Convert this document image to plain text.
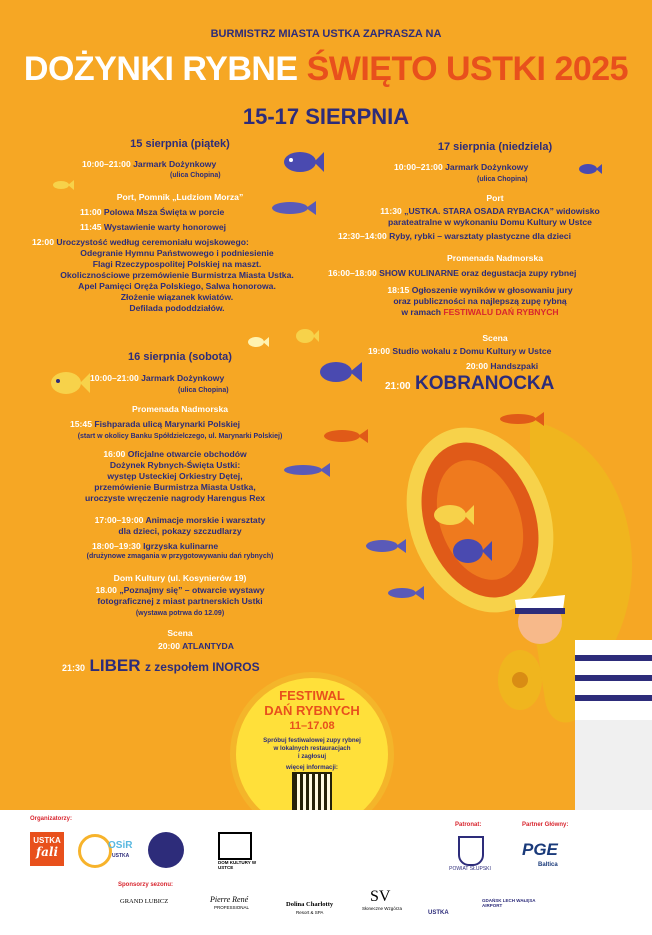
BURMISTRZ MIASTA USTKA ZAPRASZA NA
DOŻYNKI RYBNE ŚWIĘTO USTKI 2025
15-17 SIERPNIA
15 sierpnia (piątek)
10:00–21:00 Jarmark Dożynkowy
(ulica Chopina)
Port, Pomnik „Ludziom Morza”
11:00 Polowa Msza Święta w porcie
11:45 Wystawienie warty honorowej
12:00 Uroczystość według ceremoniału wojskowego:
Odegranie Hymnu Państwowego i podniesienie
Flagi Rzeczypospolitej Polskiej na maszt.
Okolicznościowe przemówienie Burmistrza Miasta Ustka.
Apel Pamięci Oręża Polskiego, Salwa honorowa.
Złożenie wiązanek kwiatów.
Defilada pododdziałów.
16 sierpnia (sobota)
10:00–21:00 Jarmark Dożynkowy
(ulica Chopina)
Promenada Nadmorska
15:45 Fishparada ulicą Marynarki Polskiej
(start w okolicy Banku Spółdzielczego, ul. Marynarki Polskiej)
16:00 Oficjalne otwarcie obchodów
Dożynek Rybnych-Święta Ustki:
występ Usteckiej Orkiestry Dętej,
przemówienie Burmistrza Miasta Ustka,
uroczyste wręczenie nagrody Harengus Rex
17:00–19:00 Animacje morskie i warsztaty
dla dzieci, pokazy szczudlarzy
18:00–19:30 Igrzyska kulinarne
(drużynowe zmagania w przygotowywaniu dań rybnych)
Dom Kultury (ul. Kosynierów 19)
18.00 „Poznajmy się” – otwarcie wystawy
fotograficznej z miast partnerskich Ustki
(wystawa potrwa do 12.09)
Scena
20:00 ATLANTYDA
21:30 LIBER z zespołem INOROS
17 sierpnia (niedziela)
10:00–21:00 Jarmark Dożynkowy
(ulica Chopina)
Port
11:30 „USTKA. STARA OSADA RYBACKA” widowisko
parateatralne w wykonaniu Domu Kultury w Ustce
12:30–14:00 Ryby, rybki – warsztaty plastyczne dla dzieci
Promenada Nadmorska
16:00–18:00 SHOW KULINARNE oraz degustacja zupy rybnej
18:15 Ogłoszenie wyników w głosowaniu jury
oraz publiczności na najlepszą zupę rybną
w ramach FESTIWALU DAŃ RYBNYCH
Scena
19:00 Studio wokalu z Domu Kultury w Ustce
20:00 Handszpaki
21:00 KOBRANOCKA
FESTIWAL
DAŃ RYBNYCH
11–17.08
Spróbuj festiwalowej zupy rybnej
w lokalnych restauracjach
i zagłosuj
więcej informacji:
Organizatorzy:
Patronat:	Partner Główny:
USTKA
fali	OSiR
USTKA
DOM KULTURY W USTCE	POWIAT SŁUPSKI
PGE
Baltica
Sponsorzy sezonu:
GRAND LUBICZ	Pierre René
PROFESSIONAL	Dolina Charlotty
Resort & SPA
SV
Słoneczne Wzgórza
USTKA
GDAŃSK LECH WAŁĘSA AIRPORT
